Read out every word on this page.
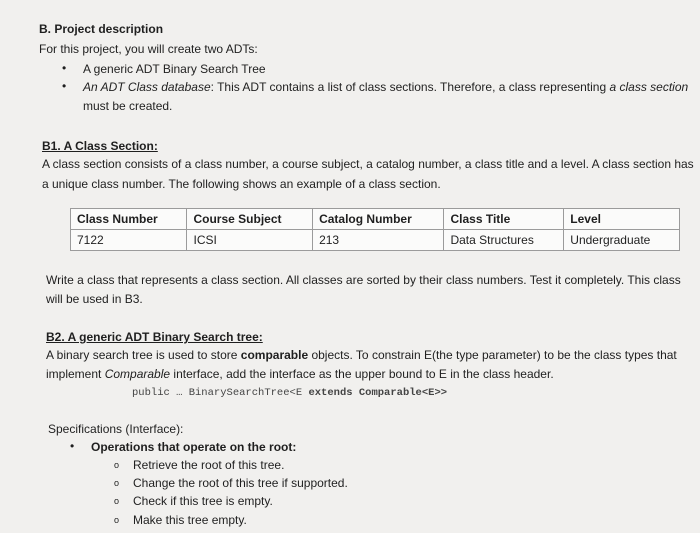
B. Project description
For this project, you will create two ADTs:
• A generic ADT Binary Search Tree
• An ADT Class database: This ADT contains a list of class sections. Therefore, a class representing a class section
must be created.
B1. A Class Section:
A class section consists of a class number, a course subject, a catalog number, a class title and a level. A class section has
a unique class number. The following shows an example of a class section.
Class Number	Course Subject	Catalog Number	Class Title	Level
7122	ICSI	213	Data Structures	Undergraduate
Write a class that represents a class section. All classes are sorted by their class numbers. Test it completely. This class
will be used in B3.
B2. A generic ADT Binary Search tree:
A binary search tree is used to store comparable objects. To constrain E(the type parameter) to be the class types that
implement Comparable interface, add the interface as the upper bound to E in the class header.
public … BinarySearchTree<E extends Comparable<E>>
Specifications (Interface):
• Operations that operate on the root:
o Retrieve the root of this tree.
o Change the root of this tree if supported.
o Check if this tree is empty.
o Make this tree empty.
